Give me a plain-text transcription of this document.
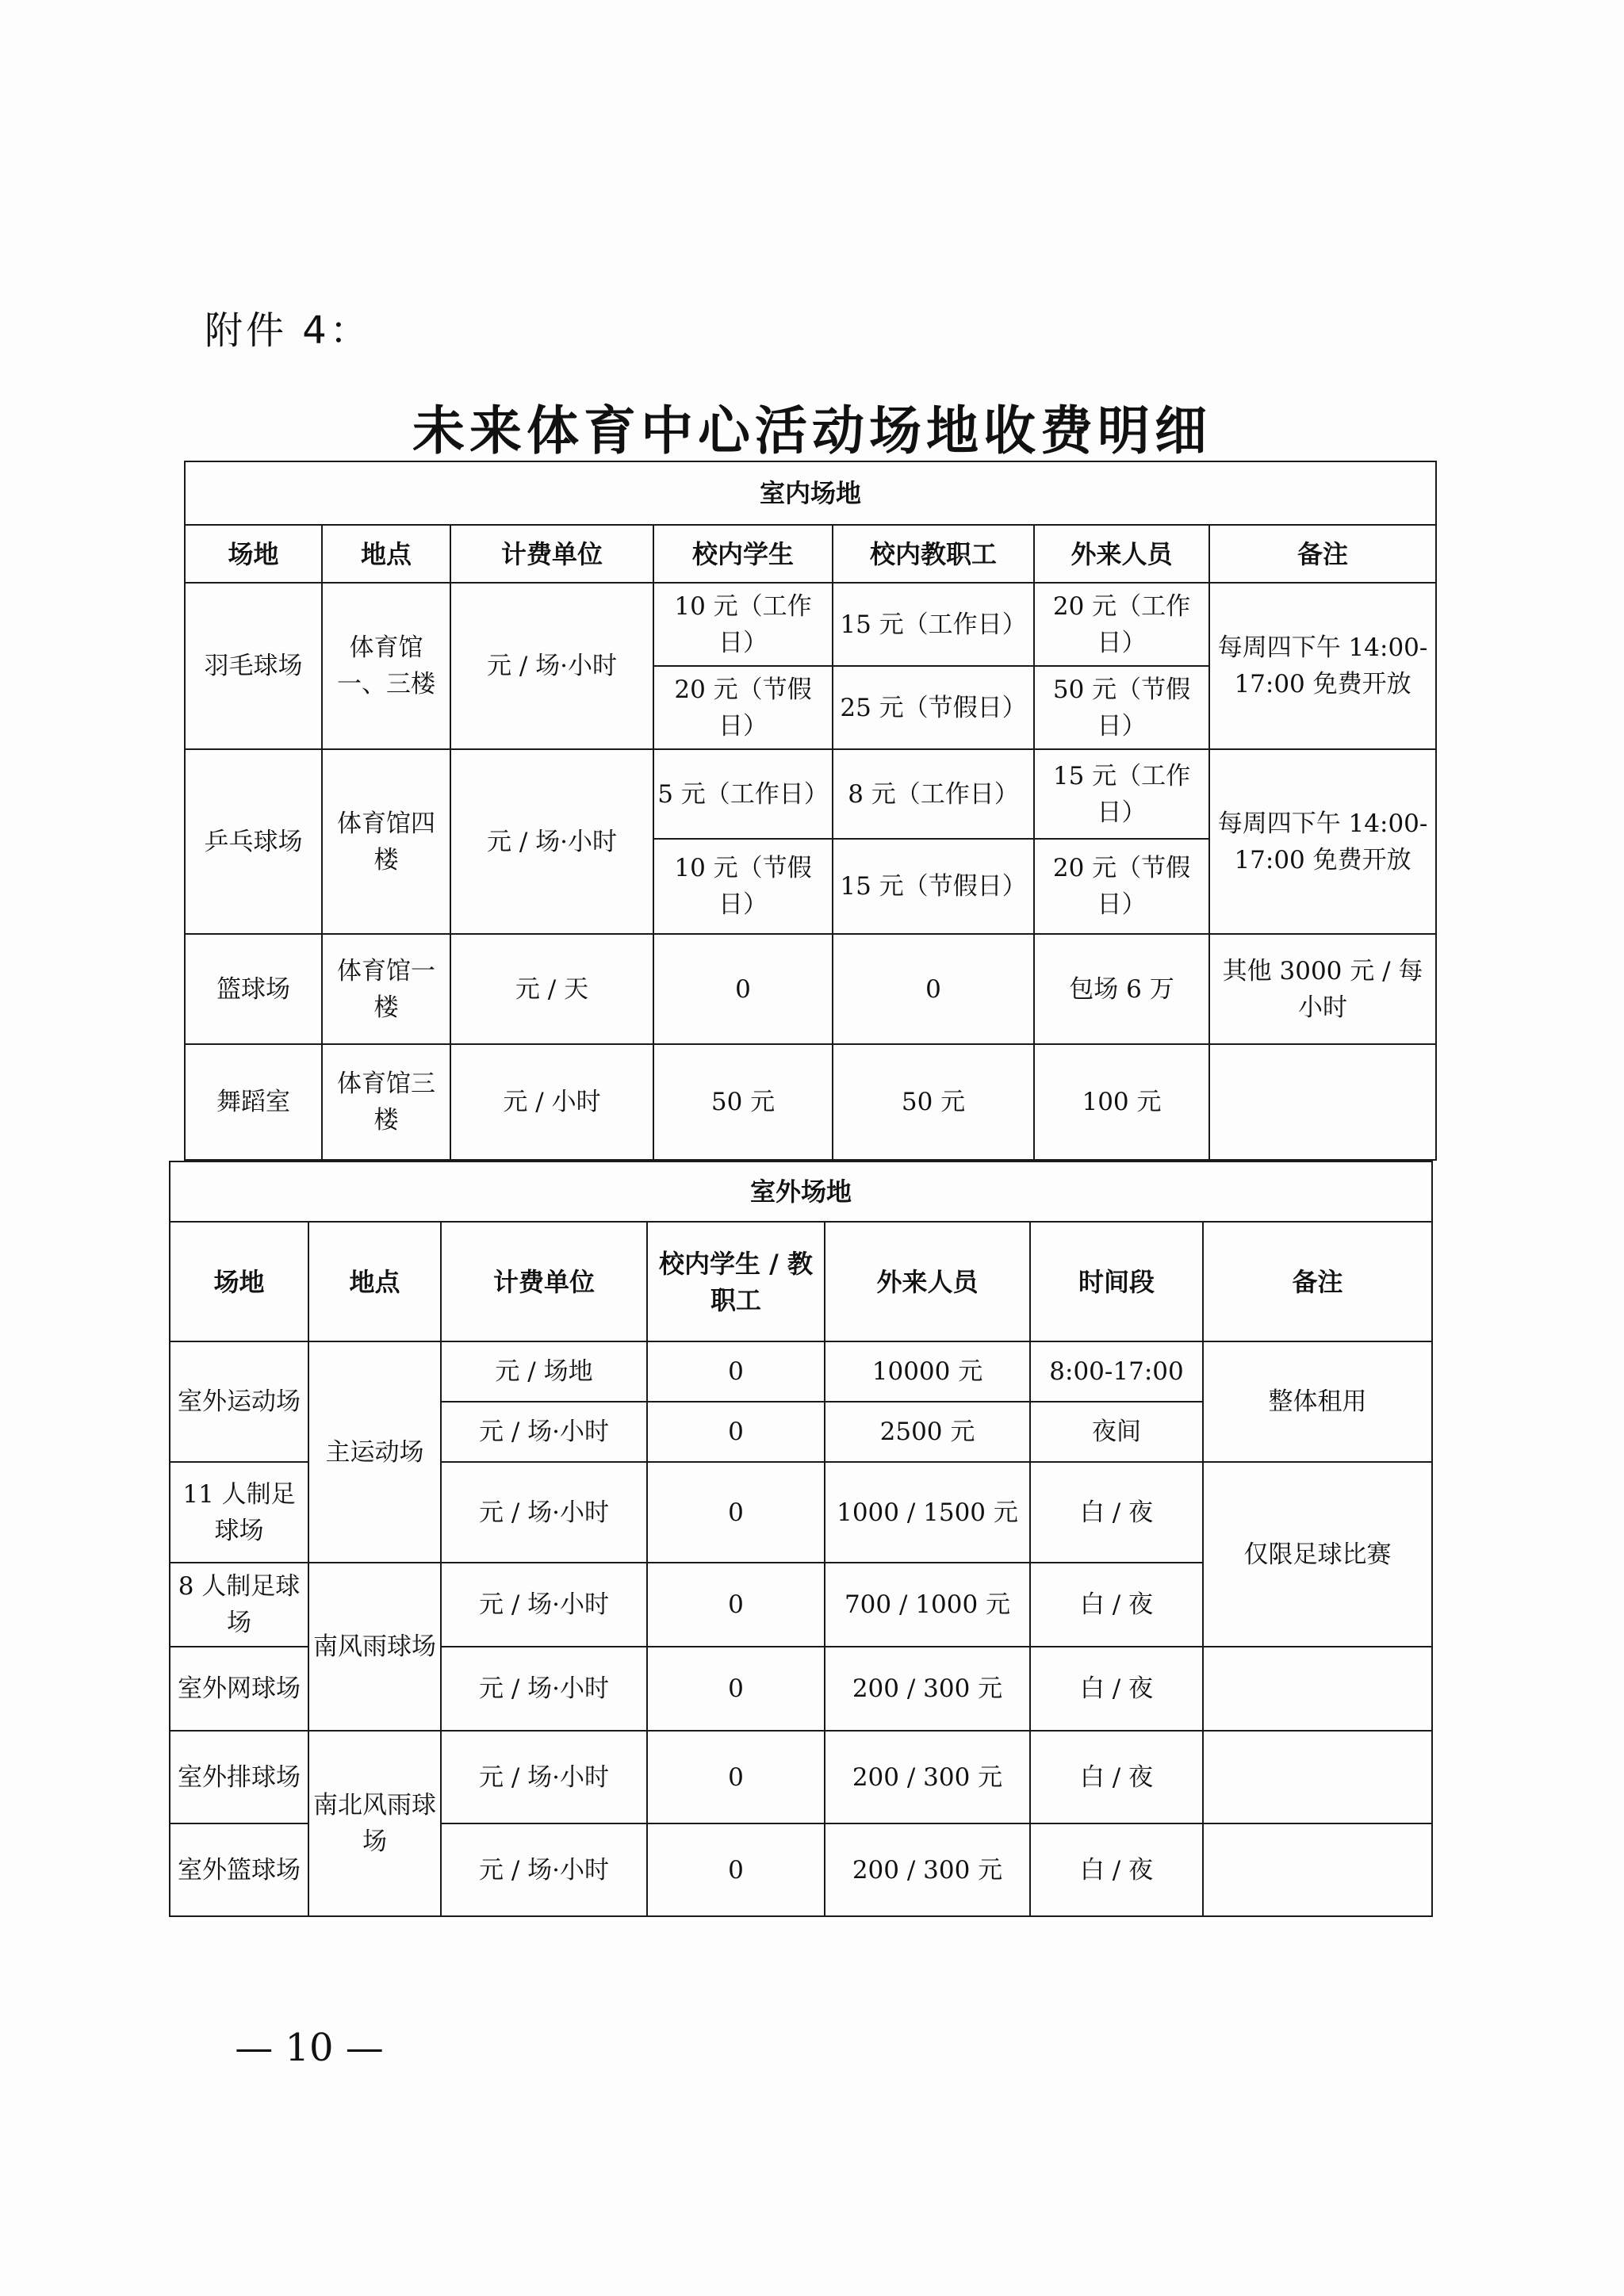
附件 4：
未来体育中心活动场地收费明细
室内场地						
场地	地点	计费单位	校内学生	校内教职工	外来人员	备注
羽毛球场	体育馆一、三楼	元 / 场·小时	10 元（工作日）	15 元（工作日）	20 元（工作日）	每周四下午 14:00-17:00 免费开放
			20 元（节假日）	25 元（节假日）	50 元（节假日）	
乒乓球场	体育馆四楼	元 / 场·小时	5 元（工作日）	8 元（工作日）	15 元（工作日）	每周四下午 14:00-17:00 免费开放
			10 元（节假日）	15 元（节假日）	20 元（节假日）	
篮球场	体育馆一楼	元 / 天	0	0	包场 6 万	其他 3000 元 / 每小时
舞蹈室	体育馆三楼	元 / 小时	50 元	50 元	100 元	
室外场地						
场地	地点	计费单位	校内学生 / 教职工	外来人员	时间段	备注
室外运动场	主运动场	元 / 场地	0	10000 元	8:00-17:00	整体租用
		元 / 场·小时	0	2500 元	夜间	
11 人制足球场		元 / 场·小时	0	1000 / 1500 元	白 / 夜	仅限足球比赛
8 人制足球场	南风雨球场	元 / 场·小时	0	700 / 1000 元	白 / 夜	
室外网球场		元 / 场·小时	0	200 / 300 元	白 / 夜	
室外排球场	南北风雨球场	元 / 场·小时	0	200 / 300 元	白 / 夜	
室外篮球场		元 / 场·小时	0	200 / 300 元	白 / 夜	
— 10 —
